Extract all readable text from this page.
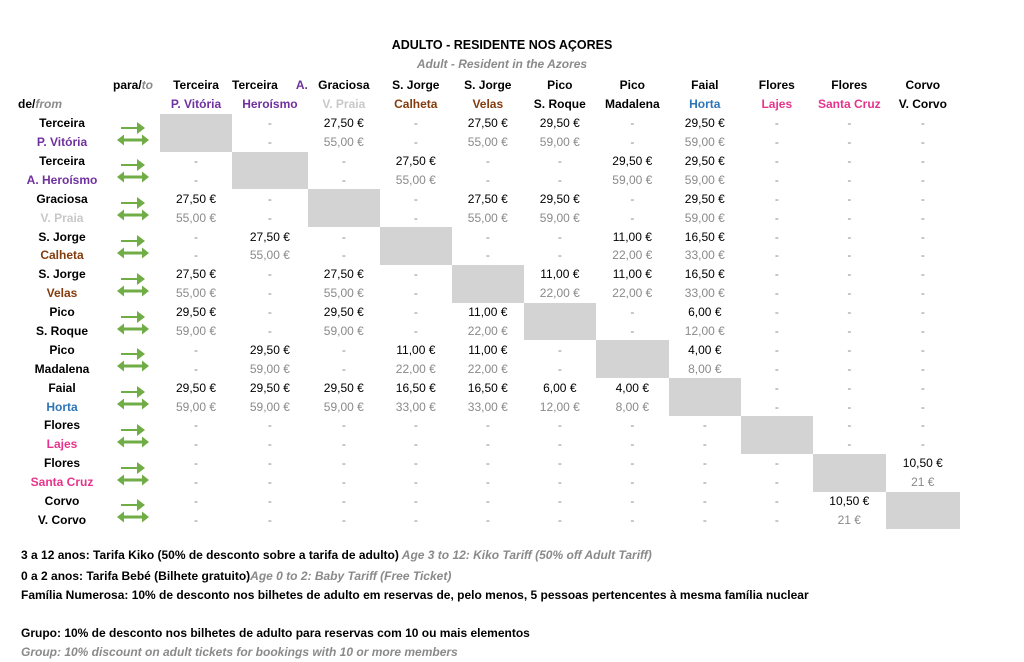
ADULTO - RESIDENTE NOS AÇORES
Adult - Resident in the Azores
	para/to	Terceira	Terceira A.	Graciosa	S. Jorge	S. Jorge	Pico	Pico	Faial	Flores	Flores	Corvo
de/from		P. Vitória	Heroísmo	V. Praia	Calheta	Velas	S. Roque	Madalena	Horta	Lajes	Santa Cruz	V. Corvo
Terceira			-	27,50 €	-	27,50 €	29,50 €	-	29,50 €	-	-	-
P. Vitória			-	55,00 €	-	55,00 €	59,00 €	-	59,00 €	-	-	-
Terceira		-		-	27,50 €	-	-	29,50 €	29,50 €	-	-	-
A. Heroísmo		-		-	55,00 €	-	-	59,00 €	59,00 €	-	-	-
Graciosa		27,50 €	-		-	27,50 €	29,50 €	-	29,50 €	-	-	-
V. Praia		55,00 €	-		-	55,00 €	59,00 €	-	59,00 €	-	-	-
S. Jorge		-	27,50 €	-		-	-	11,00 €	16,50 €	-	-	-
Calheta		-	55,00 €	-		-	-	22,00 €	33,00 €	-	-	-
S. Jorge		27,50 €	-	27,50 €	-		11,00 €	11,00 €	16,50 €	-	-	-
Velas		55,00 €	-	55,00 €	-		22,00 €	22,00 €	33,00 €	-	-	-
Pico		29,50 €	-	29,50 €	-	11,00 €		-	6,00 €	-	-	-
S. Roque		59,00 €	-	59,00 €	-	22,00 €		-	12,00 €	-	-	-
Pico		-	29,50 €	-	11,00 €	11,00 €	-		4,00 €	-	-	-
Madalena		-	59,00 €	-	22,00 €	22,00 €	-		8,00 €	-	-	-
Faial		29,50 €	29,50 €	29,50 €	16,50 €	16,50 €	6,00 €	4,00 €		-	-	-
Horta		59,00 €	59,00 €	59,00 €	33,00 €	33,00 €	12,00 €	8,00 €		-	-	-
Flores		-	-	-	-	-	-	-	-		-	-
Lajes		-	-	-	-	-	-	-	-		-	-
Flores		-	-	-	-	-	-	-	-	-		10,50 €
Santa Cruz		-	-	-	-	-	-	-	-	-		21 €
Corvo		-	-	-	-	-	-	-	-	-	10,50 €	
V. Corvo		-	-	-	-	-	-	-	-	-	21 €	
3 a 12 anos: Tarifa Kiko (50% de desconto sobre a tarifa de adulto) Age 3 to 12: Kiko Tariff (50% off Adult Tariff)
0 a 2 anos: Tarifa Bebé (Bilhete gratuito)Age 0 to 2: Baby Tariff (Free Ticket)
Família Numerosa: 10% de desconto nos bilhetes de adulto em reservas de, pelo menos, 5 pessoas pertencentes à mesma família nuclear
Grupo: 10% de desconto nos bilhetes de adulto para reservas com 10 ou mais elementos
Group: 10% discount on adult tickets for bookings with 10 or more members
